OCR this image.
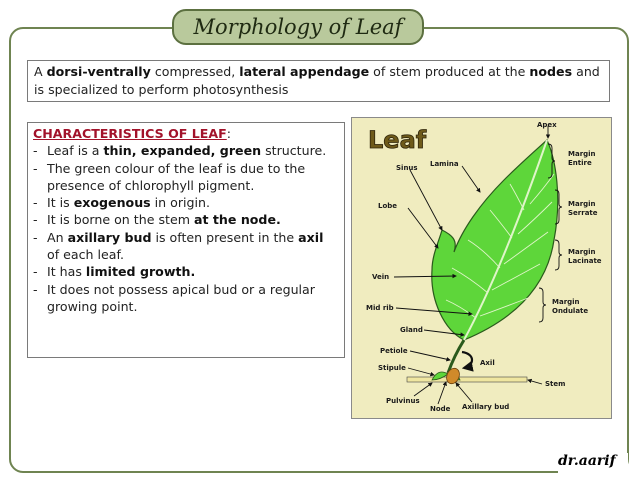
Morphology of Leaf
A dorsi-ventrally compressed, lateral appendage of stem produced at the nodes and is specialized to perform photosynthesis
CHARACTERISTICS OF LEAF:
- Leaf is a thin, expanded, green structure.
- The green colour of the leaf is due to the presence of chlorophyll pigment.
- It is exogenous in origin.
- It is borne on the stem at the node.
- An axillary bud is often present in the axil of each leaf.
- It has limited growth.
- It does not possess apical bud or a regular growing point.
Leaf
Apex
Lamina
Margin
Entire
Sinus
Lobe	Margin
Serrate
Margin
Lacinate
Vein
Mid rib
Margin
Ondulate
Gland
Petiole
Axil
Stipule
Stem
Pulvinus
Node Axillary bud
dr.aarif
